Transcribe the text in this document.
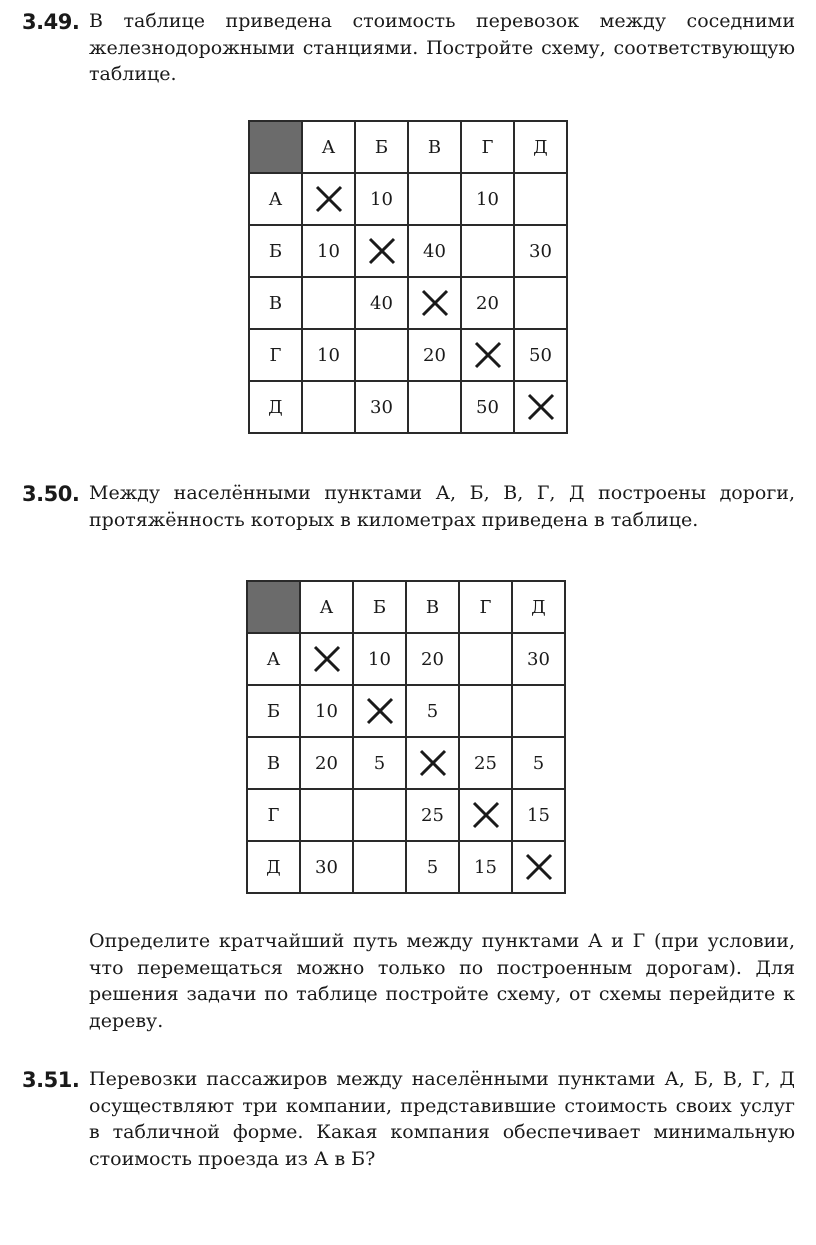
3.49. В таблице приведена стоимость перевозок между соседними железнодорожными станциями. Постройте схему, соответствующую таблице.
	А	Б	В	Г	Д
А		10		10	
Б	10		40		30
В		40		20	
Г	10		20		50
Д		30		50	
3.50. Между населёнными пунктами А, Б, В, Г, Д построены дороги, протяжённость которых в километрах приведена в таблице.
	А	Б	В	Г	Д
А		10	20		30
Б	10		5		
В	20	5		25	5
Г			25		15
Д	30		5	15	
Определите кратчайший путь между пунктами А и Г (при условии, что перемещаться можно только по построенным дорогам). Для решения задачи по таблице постройте схему, от схемы перейдите к дереву.
3.51. Перевозки пассажиров между населёнными пунктами А, Б, В, Г, Д осуществляют три компании, представившие стоимость своих услуг в табличной форме. Какая компания обеспечивает минимальную стоимость проезда из А в Б?
